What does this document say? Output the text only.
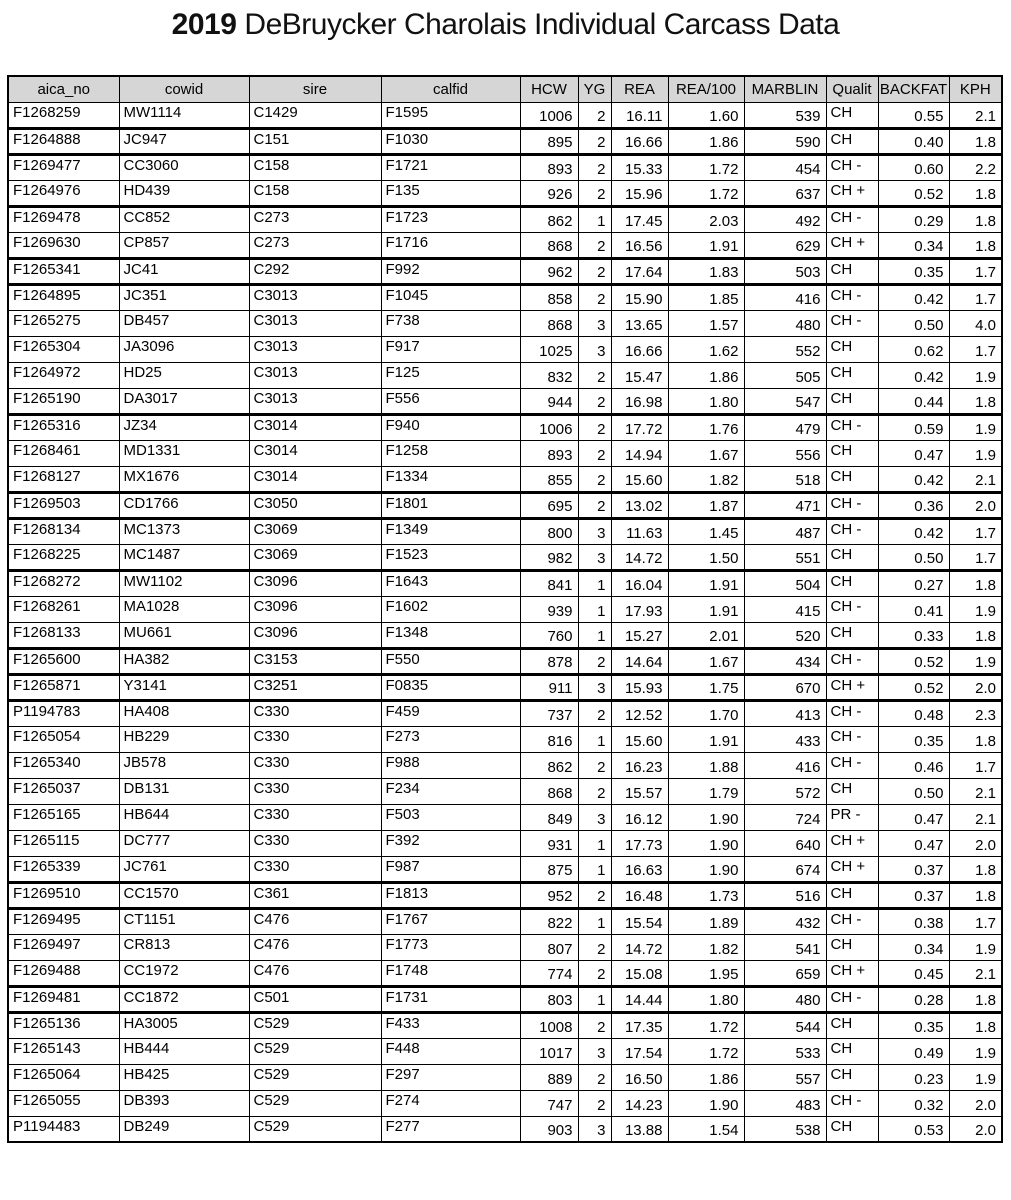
2019 DeBruycker Charolais Individual Carcass Data
aica_no	cowid	sire	calfid	HCW	YG	REA	REA/100	MARBLIN	Qualit	BACKFAT	KPH
F1268259	MW1114	C1429	F1595	1006	2	16.11	1.60	539	CH	0.55	2.1
F1264888	JC947	C151	F1030	895	2	16.66	1.86	590	CH	0.40	1.8
F1269477	CC3060	C158	F1721	893	2	15.33	1.72	454	CH -	0.60	2.2
F1264976	HD439	C158	F135	926	2	15.96	1.72	637	CH +	0.52	1.8
F1269478	CC852	C273	F1723	862	1	17.45	2.03	492	CH -	0.29	1.8
F1269630	CP857	C273	F1716	868	2	16.56	1.91	629	CH +	0.34	1.8
F1265341	JC41	C292	F992	962	2	17.64	1.83	503	CH	0.35	1.7
F1264895	JC351	C3013	F1045	858	2	15.90	1.85	416	CH -	0.42	1.7
F1265275	DB457	C3013	F738	868	3	13.65	1.57	480	CH -	0.50	4.0
F1265304	JA3096	C3013	F917	1025	3	16.66	1.62	552	CH	0.62	1.7
F1264972	HD25	C3013	F125	832	2	15.47	1.86	505	CH	0.42	1.9
F1265190	DA3017	C3013	F556	944	2	16.98	1.80	547	CH	0.44	1.8
F1265316	JZ34	C3014	F940	1006	2	17.72	1.76	479	CH -	0.59	1.9
F1268461	MD1331	C3014	F1258	893	2	14.94	1.67	556	CH	0.47	1.9
F1268127	MX1676	C3014	F1334	855	2	15.60	1.82	518	CH	0.42	2.1
F1269503	CD1766	C3050	F1801	695	2	13.02	1.87	471	CH -	0.36	2.0
F1268134	MC1373	C3069	F1349	800	3	11.63	1.45	487	CH -	0.42	1.7
F1268225	MC1487	C3069	F1523	982	3	14.72	1.50	551	CH	0.50	1.7
F1268272	MW1102	C3096	F1643	841	1	16.04	1.91	504	CH	0.27	1.8
F1268261	MA1028	C3096	F1602	939	1	17.93	1.91	415	CH -	0.41	1.9
F1268133	MU661	C3096	F1348	760	1	15.27	2.01	520	CH	0.33	1.8
F1265600	HA382	C3153	F550	878	2	14.64	1.67	434	CH -	0.52	1.9
F1265871	Y3141	C3251	F0835	911	3	15.93	1.75	670	CH +	0.52	2.0
P1194783	HA408	C330	F459	737	2	12.52	1.70	413	CH -	0.48	2.3
F1265054	HB229	C330	F273	816	1	15.60	1.91	433	CH -	0.35	1.8
F1265340	JB578	C330	F988	862	2	16.23	1.88	416	CH -	0.46	1.7
F1265037	DB131	C330	F234	868	2	15.57	1.79	572	CH	0.50	2.1
F1265165	HB644	C330	F503	849	3	16.12	1.90	724	PR -	0.47	2.1
F1265115	DC777	C330	F392	931	1	17.73	1.90	640	CH +	0.47	2.0
F1265339	JC761	C330	F987	875	1	16.63	1.90	674	CH +	0.37	1.8
F1269510	CC1570	C361	F1813	952	2	16.48	1.73	516	CH	0.37	1.8
F1269495	CT1151	C476	F1767	822	1	15.54	1.89	432	CH -	0.38	1.7
F1269497	CR813	C476	F1773	807	2	14.72	1.82	541	CH	0.34	1.9
F1269488	CC1972	C476	F1748	774	2	15.08	1.95	659	CH +	0.45	2.1
F1269481	CC1872	C501	F1731	803	1	14.44	1.80	480	CH -	0.28	1.8
F1265136	HA3005	C529	F433	1008	2	17.35	1.72	544	CH	0.35	1.8
F1265143	HB444	C529	F448	1017	3	17.54	1.72	533	CH	0.49	1.9
F1265064	HB425	C529	F297	889	2	16.50	1.86	557	CH	0.23	1.9
F1265055	DB393	C529	F274	747	2	14.23	1.90	483	CH -	0.32	2.0
P1194483	DB249	C529	F277	903	3	13.88	1.54	538	CH	0.53	2.0
